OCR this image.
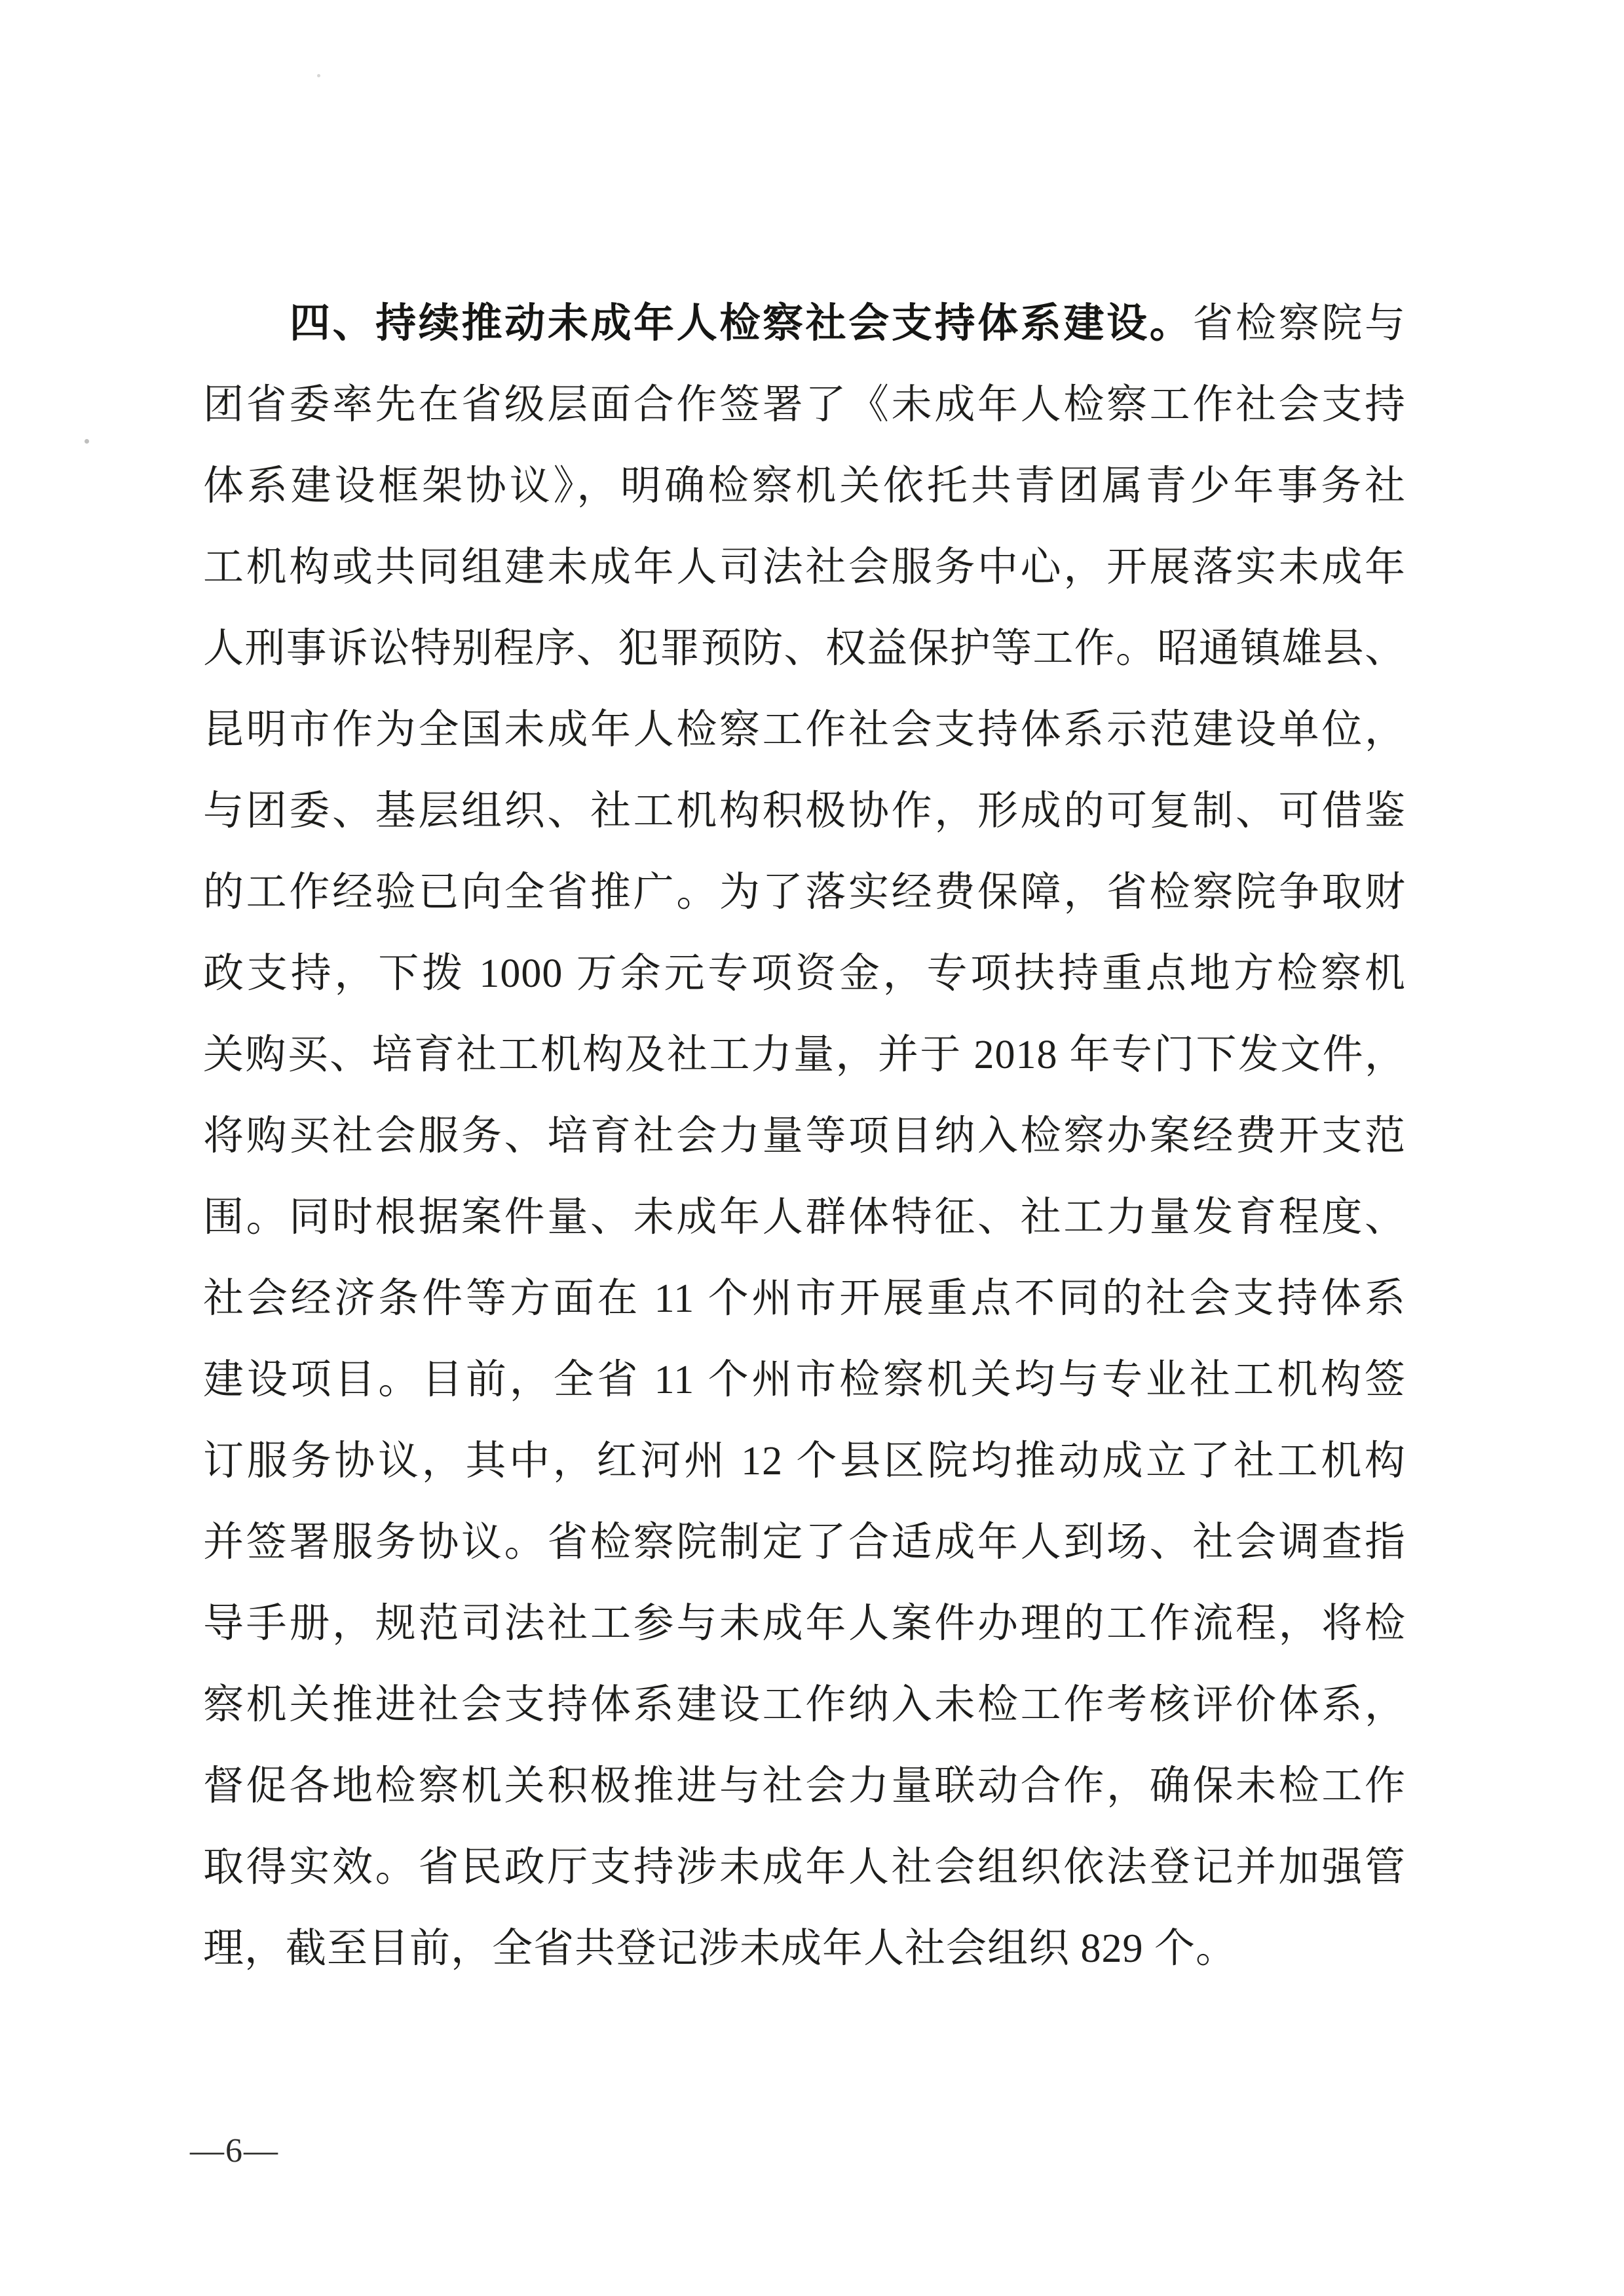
四、持续推动未成年人检察社会支持体系建设。省检察院与
团省委率先在省级层面合作签署了《未成年人检察工作社会支持
体系建设框架协议》，明确检察机关依托共青团属青少年事务社
工机构或共同组建未成年人司法社会服务中心，开展落实未成年
人刑事诉讼特别程序、犯罪预防、权益保护等工作。昭通镇雄县、
昆明市作为全国未成年人检察工作社会支持体系示范建设单位，
与团委、基层组织、社工机构积极协作，形成的可复制、可借鉴
的工作经验已向全省推广。为了落实经费保障，省检察院争取财
政支持，下拨 1000 万余元专项资金，专项扶持重点地方检察机
关购买、培育社工机构及社工力量，并于 2018 年专门下发文件，
将购买社会服务、培育社会力量等项目纳入检察办案经费开支范
围。同时根据案件量、未成年人群体特征、社工力量发育程度、
社会经济条件等方面在 11 个州市开展重点不同的社会支持体系
建设项目。目前，全省 11 个州市检察机关均与专业社工机构签
订服务协议，其中，红河州 12 个县区院均推动成立了社工机构
并签署服务协议。省检察院制定了合适成年人到场、社会调查指
导手册，规范司法社工参与未成年人案件办理的工作流程，将检
察机关推进社会支持体系建设工作纳入未检工作考核评价体系，
督促各地检察机关积极推进与社会力量联动合作，确保未检工作
取得实效。省民政厅支持涉未成年人社会组织依法登记并加强管
理，截至目前，全省共登记涉未成年人社会组织 829 个。
—6—
